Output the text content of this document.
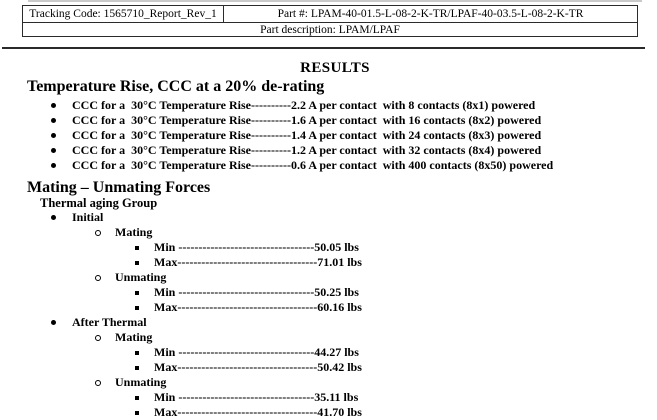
Tracking Code: 1565710_Report_Rev_1	Part #: LPAM-40-01.5-L-08-2-K-TR/LPAF-40-03.5-L-08-2-K-TR
Part description: LPAM/LPAF
RESULTS
Temperature Rise, CCC at a 20% de-rating
CCC for a  30°C Temperature Rise----------2.2 A per contact  with 8 contacts (8x1) powered
CCC for a  30°C Temperature Rise----------1.6 A per contact  with 16 contacts (8x2) powered
CCC for a  30°C Temperature Rise----------1.4 A per contact  with 24 contacts (8x3) powered
CCC for a  30°C Temperature Rise----------1.2 A per contact  with 32 contacts (8x4) powered
CCC for a  30°C Temperature Rise----------0.6 A per contact  with 400 contacts (8x50) powered
Mating – Unmating Forces
Thermal aging Group
Initial
Mating
Min ----------------------------------50.05 lbs
Max-----------------------------------71.01 lbs
Unmating
Min ----------------------------------50.25 lbs
Max-----------------------------------60.16 lbs
After Thermal
Mating
Min ----------------------------------44.27 lbs
Max-----------------------------------50.42 lbs
Unmating
Min ----------------------------------35.11 lbs
Max-----------------------------------41.70 lbs
